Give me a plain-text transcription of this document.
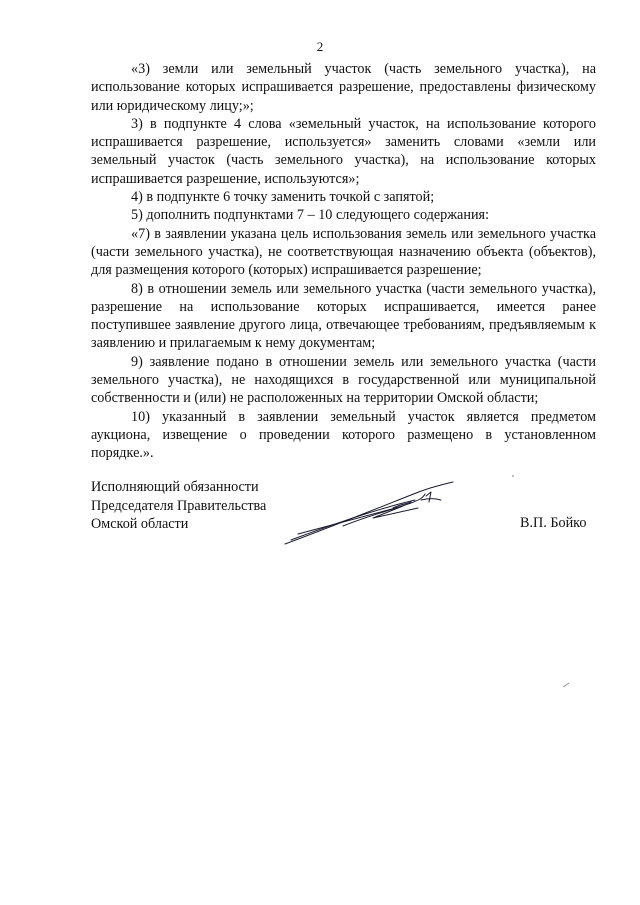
2

«3) земли или земельный участок (часть земельного участка), на использование которых испрашивается разрешение, предоставлены физическому или юридическому лицу;»;

3) в подпункте 4 слова «земельный участок, на использование которого испрашивается разрешение, используется» заменить словами «земли или земельный участок (часть земельного участка), на использование которых испрашивается разрешение, используются»;

4) в подпункте 6 точку заменить точкой с запятой;

5) дополнить подпунктами 7 – 10 следующего содержания:

«7) в заявлении указана цель использования земель или земельного участка (части земельного участка), не соответствующая назначению объекта (объектов), для размещения которого (которых) испрашивается разрешение;

8) в отношении земель или земельного участка (части земельного участка), разрешение на использование которых испрашивается, имеется ранее поступившее заявление другого лица, отвечающее требованиям, предъявляемым к заявлению и прилагаемым к нему документам;

9) заявление подано в отношении земель или земельного участка (части земельного участка), не находящихся в государственной или муниципальной собственности и (или) не расположенных на территории Омской области;

10) указанный в заявлении земельный участок является предметом аукциона, извещение о проведении которого размещено в установленном порядке.».

Исполняющий обязанности
Председателя Правительства
Омской области	В.П. Бойко
